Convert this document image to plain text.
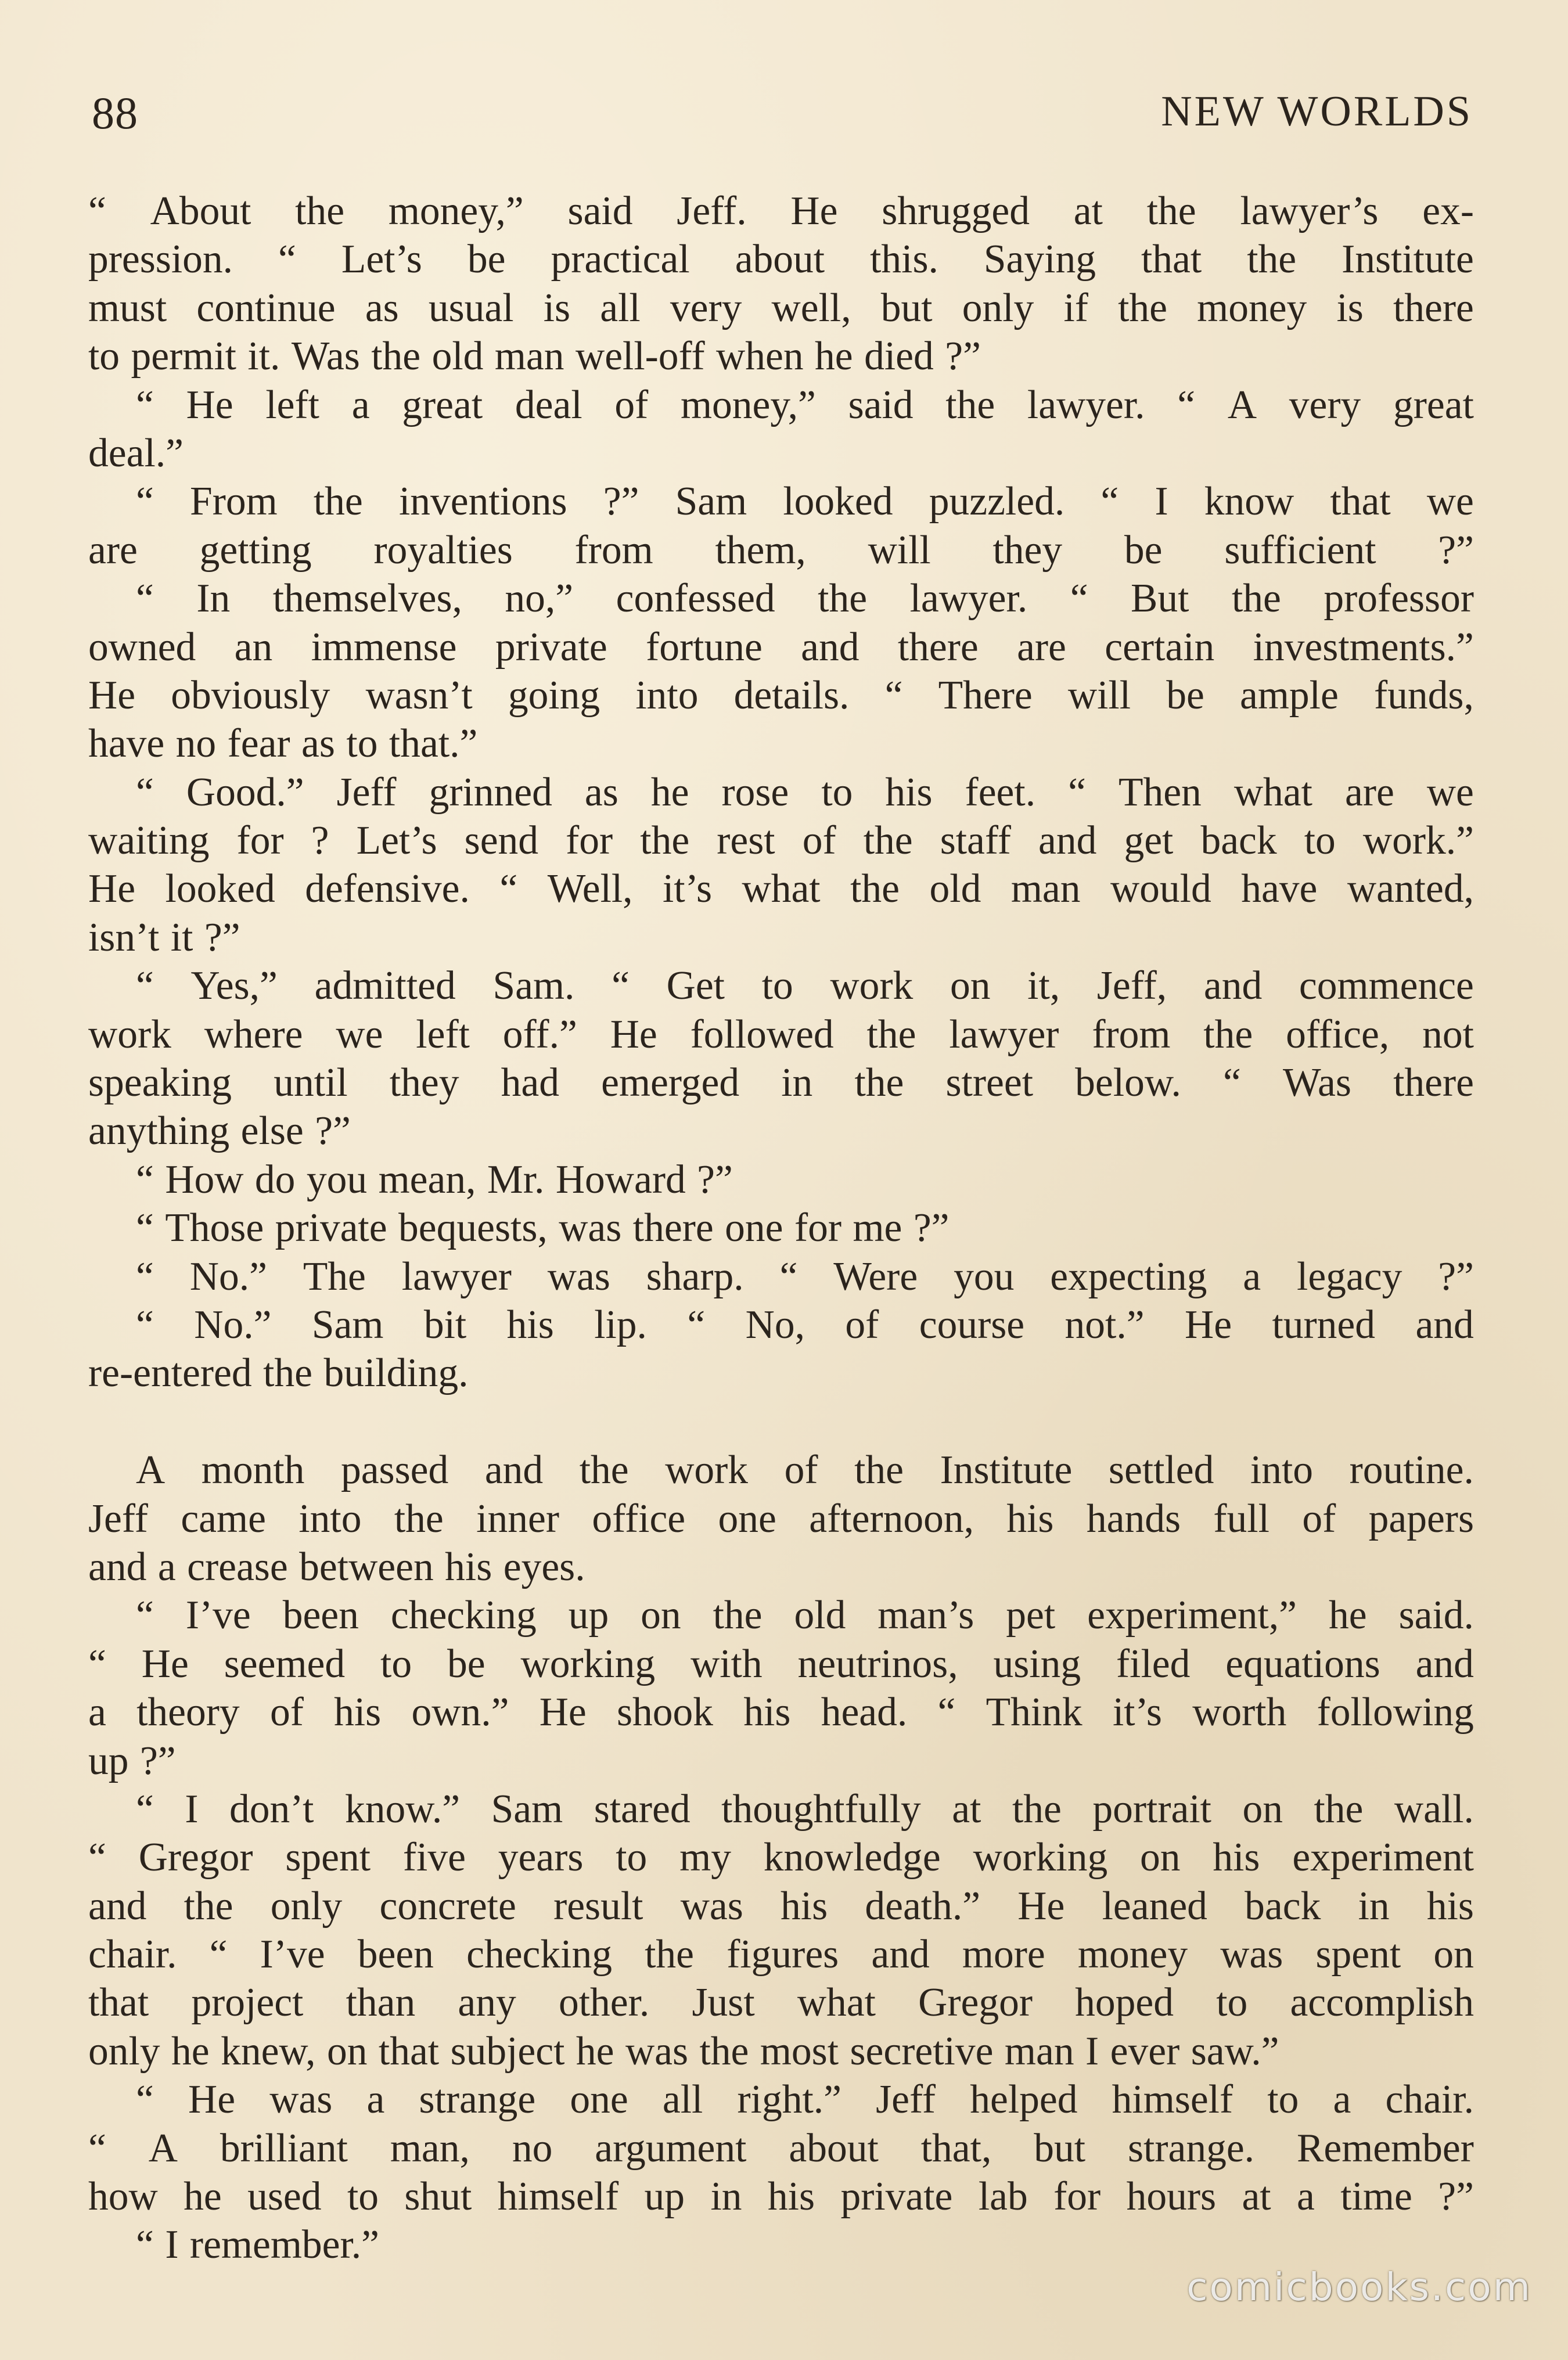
88	NEW WORLDS
“ About the money,” said Jeff. He shrugged at the lawyer’s ex-
pression. “ Let’s be practical about this. Saying that the Institute
must continue as usual is all very well, but only if the money is there
to permit it. Was the old man well-off when he died ?”
“ He left a great deal of money,” said the lawyer. “ A very great
deal.”
“ From the inventions ?” Sam looked puzzled. “ I know that we
are getting royalties from them, will they be sufficient ?”
“ In themselves, no,” confessed the lawyer. “ But the professor
owned an immense private fortune and there are certain investments.”
He obviously wasn’t going into details. “ There will be ample funds,
have no fear as to that.”
“ Good.” Jeff grinned as he rose to his feet. “ Then what are we
waiting for ? Let’s send for the rest of the staff and get back to work.”
He looked defensive. “ Well, it’s what the old man would have wanted,
isn’t it ?”
“ Yes,” admitted Sam. “ Get to work on it, Jeff, and commence
work where we left off.” He followed the lawyer from the office, not
speaking until they had emerged in the street below. “ Was there
anything else ?”
“ How do you mean, Mr. Howard ?”
“ Those private bequests, was there one for me ?”
“ No.” The lawyer was sharp. “ Were you expecting a legacy ?”
“ No.” Sam bit his lip. “ No, of course not.” He turned and
re-entered the building.
A month passed and the work of the Institute settled into routine.
Jeff came into the inner office one afternoon, his hands full of papers
and a crease between his eyes.
“ I’ve been checking up on the old man’s pet experiment,” he said.
“ He seemed to be working with neutrinos, using filed equations and
a theory of his own.” He shook his head. “ Think it’s worth following
up ?”
“ I don’t know.” Sam stared thoughtfully at the portrait on the wall.
“ Gregor spent five years to my knowledge working on his experiment
and the only concrete result was his death.” He leaned back in his
chair. “ I’ve been checking the figures and more money was spent on
that project than any other. Just what Gregor hoped to accomplish
only he knew, on that subject he was the most secretive man I ever saw.”
“ He was a strange one all right.” Jeff helped himself to a chair.
“ A brilliant man, no argument about that, but strange. Remember
how he used to shut himself up in his private lab for hours at a time ?”
“ I remember.”
comicbooks.com
